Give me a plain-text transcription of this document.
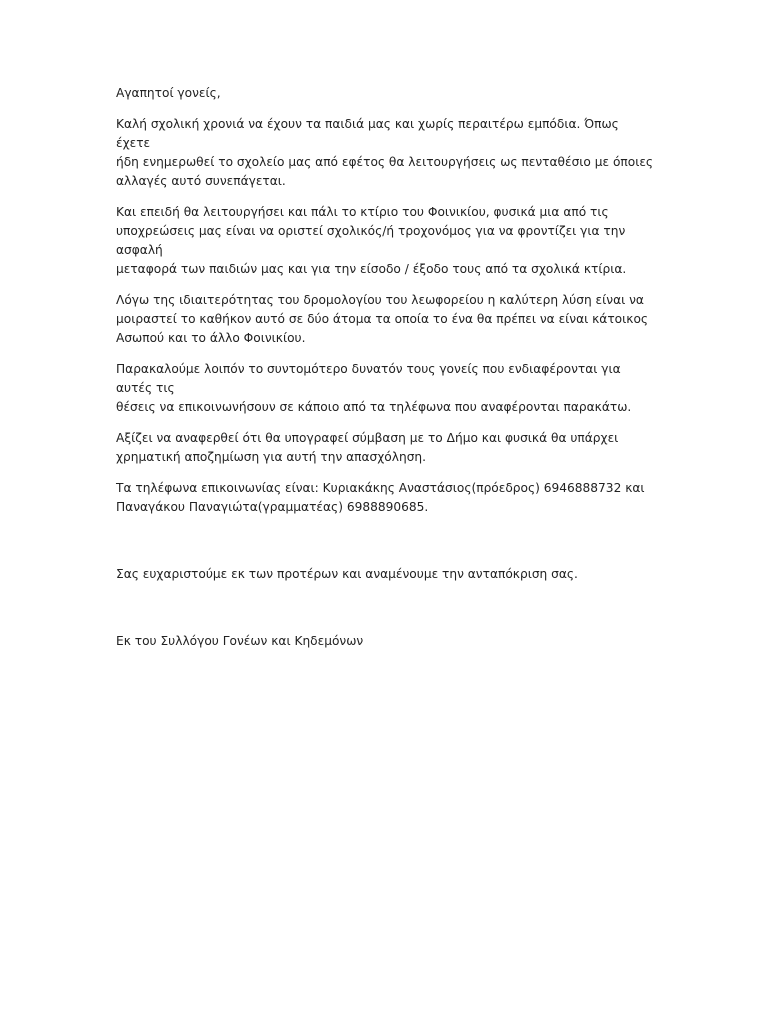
Αγαπητοί γονείς,

Καλή σχολική χρονιά να έχουν τα παιδιά μας και χωρίς περαιτέρω εμπόδια. Όπως έχετε
ήδη ενημερωθεί το σχολείο μας από εφέτος θα λειτουργήσεις ως πενταθέσιο με όποιες
αλλαγές αυτό συνεπάγεται.

Και επειδή θα λειτουργήσει και πάλι το κτίριο του Φοινικίου, φυσικά μια από τις
υποχρεώσεις μας είναι να οριστεί σχολικός/ή τροχονόμος για να φροντίζει για την ασφαλή
μεταφορά των παιδιών μας και για την είσοδο / έξοδο τους από τα σχολικά κτίρια.

Λόγω της ιδιαιτερότητας του δρομολογίου του λεωφορείου η καλύτερη λύση είναι να
μοιραστεί το καθήκον αυτό σε δύο άτομα τα οποία το ένα θα πρέπει να είναι κάτοικος
Ασωπού και το άλλο Φοινικίου.

Παρακαλούμε λοιπόν το συντομότερο δυνατόν τους γονείς που ενδιαφέρονται για αυτές τις
θέσεις να επικοινωνήσουν σε κάποιο από τα τηλέφωνα που αναφέρονται παρακάτω.

Αξίζει να αναφερθεί ότι θα υπογραφεί σύμβαση με το Δήμο και φυσικά θα υπάρχει
χρηματική αποζημίωση για αυτή την απασχόληση.

Τα τηλέφωνα επικοινωνίας είναι: Κυριακάκης Αναστάσιος(πρόεδρος) 6946888732 και
Παναγάκου Παναγιώτα(γραμματέας) 6988890685.

Σας ευχαριστούμε εκ των προτέρων και αναμένουμε την ανταπόκριση σας.

Εκ του Συλλόγου Γονέων και Κηδεμόνων
